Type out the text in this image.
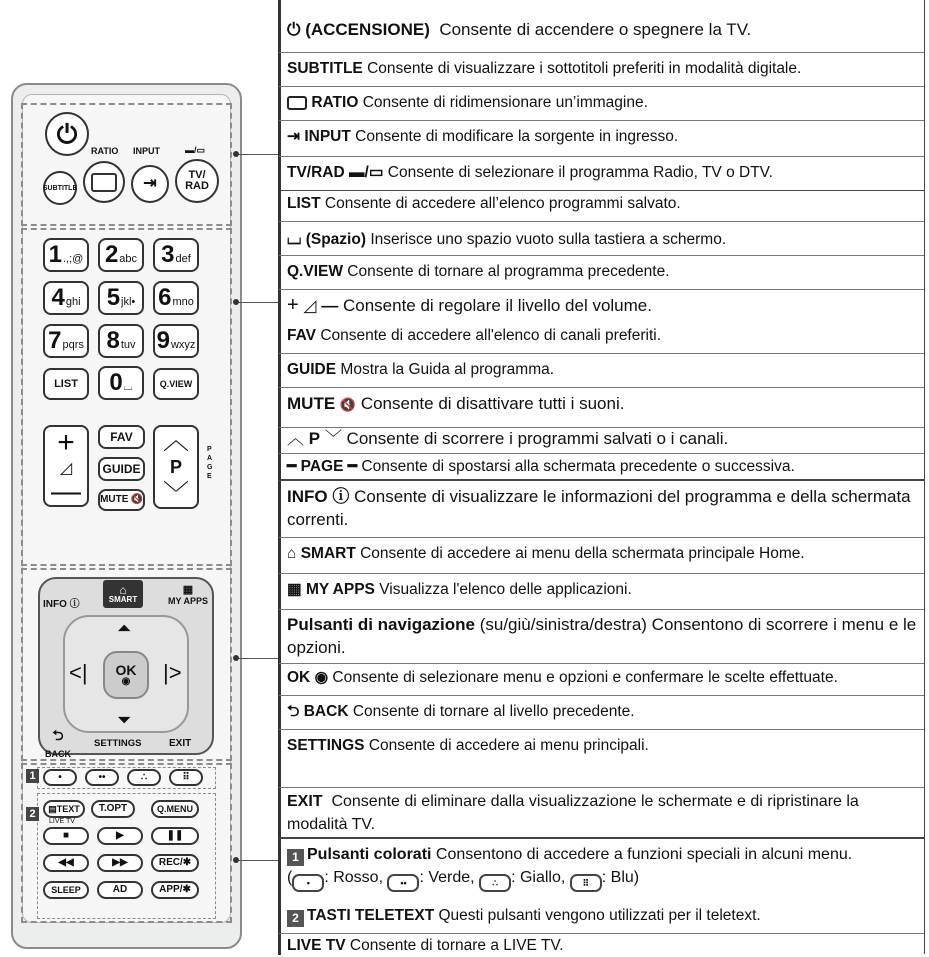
⏻
RATIO INPUT	▬/▭
SUBTITLE	⇥	TV/ RAD
1 .,;@ 2 abc 3 def
4 ghi 5 jkl• 6 mno
7 pqrs 8 tuv 9 wxyz
LIST 0 ⌴	Q.VIEW
+
◿
—
FAV
GUIDE
MUTE 🔇
︿
P
﹀
PAGE
INFO ⓘ
⌂
SMART
▦
MY APPS
⏶
<|	|>
⏷
OK
◉
⮌
BACK
SETTINGS	EXIT
1	•	••	∴	⠿
2	▤ TEXT T.OPT	Q.MENU
LIVE TV
■	▶	❚❚
◀◀	▶▶	REC/✱
SLEEP	AD	APP/✱
⏻ (ACCENSIONE) Consente di accendere o spegnere la TV.
SUBTITLE Consente di visualizzare i sottotitoli preferiti in modalità digitale.
RATIO Consente di ridimensionare un’immagine.
⇥ INPUT Consente di modificare la sorgente in ingresso.
TV/RAD ▬/▭ Consente di selezionare il programma Radio, TV o DTV.
LIST Consente di accedere all’elenco programmi salvato.
⌴ (Spazio) Inserisce uno spazio vuoto sulla tastiera a schermo.
Q.VIEW Consente di tornare al programma precedente.
+ ◿ — Consente di regolare il livello del volume.
FAV Consente di accedere all'elenco di canali preferiti.
GUIDE Mostra la Guida al programma.
MUTE 🔇 Consente di disattivare tutti i suoni.
︿ P ﹀ Consente di scorrere i programmi salvati o i canali.
━ PAGE ━ Consente di spostarsi alla schermata precedente o successiva.
INFO ⓘ Consente di visualizzare le informazioni del programma e della schermata correnti.
⌂ SMART Consente di accedere ai menu della schermata principale Home.
▦ MY APPS Visualizza l'elenco delle applicazioni.
Pulsanti di navigazione (su/giù/sinistra/destra) Consentono di scorrere i menu e le opzioni.
OK ◉ Consente di selezionare menu e opzioni e confermare le scelte effettuate.
⮌ BACK Consente di tornare al livello precedente.
SETTINGS Consente di accedere ai menu principali.
EXIT Consente di eliminare dalla visualizzazione le schermate e di ripristinare la modalità TV.
1 Pulsanti colorati Consentono di accedere a funzioni speciali in alcuni menu.
( • : Rosso, •• : Verde, ∴ : Giallo, ⠿ : Blu)
2 TASTI TELETEXT Questi pulsanti vengono utilizzati per il teletext.
LIVE TV Consente di tornare a LIVE TV.
